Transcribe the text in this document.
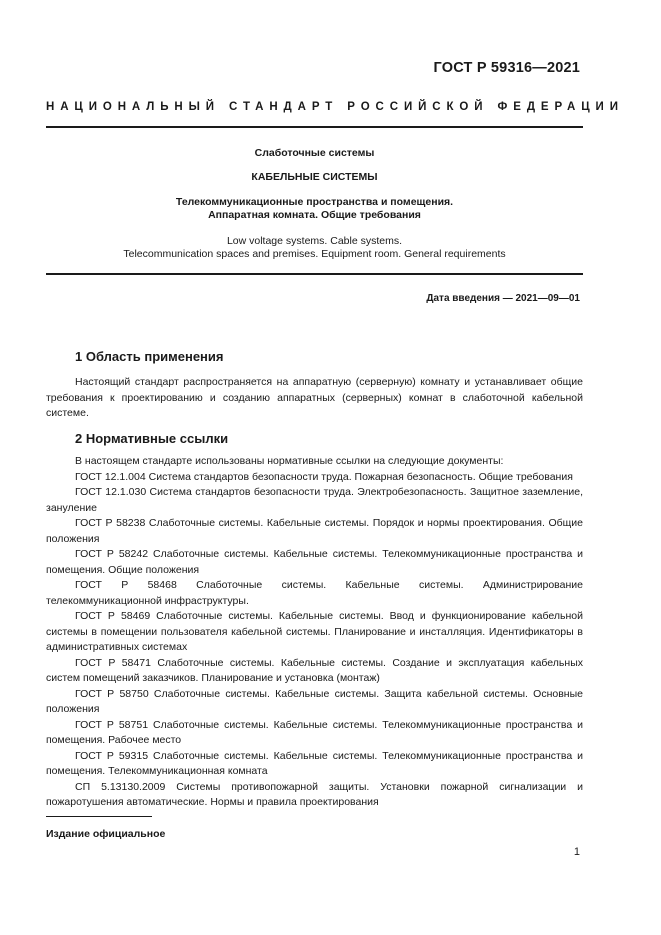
ГОСТ Р 59316—2021
НАЦИОНАЛЬНЫЙ СТАНДАРТ РОССИЙСКОЙ ФЕДЕРАЦИИ
Слаботочные системы
КАБЕЛЬНЫЕ СИСТЕМЫ
Телекоммуникационные пространства и помещения.
Аппаратная комната. Общие требования
Low voltage systems. Cable systems.
Telecommunication spaces and premises. Equipment room. General requirements
Дата введения — 2021—09—01
1 Область применения

Настоящий стандарт распространяется на аппаратную (серверную) комнату и устанавливает общие требования к проектированию и созданию аппаратных (серверных) комнат в слаботочной кабельной системе.

2 Нормативные ссылки

В настоящем стандарте использованы нормативные ссылки на следующие документы:

ГОСТ 12.1.004 Система стандартов безопасности труда. Пожарная безопасность. Общие требования

ГОСТ 12.1.030 Система стандартов безопасности труда. Электробезопасность. Защитное заземление, зануление

ГОСТ Р 58238 Слаботочные системы. Кабельные системы. Порядок и нормы проектирования. Общие положения

ГОСТ Р 58242 Слаботочные системы. Кабельные системы. Телекоммуникационные пространства и помещения. Общие положения

ГОСТ Р 58468 Слаботочные системы. Кабельные системы. Администрирование телекоммуникационной инфраструктуры.

ГОСТ Р 58469 Слаботочные системы. Кабельные системы. Ввод и функционирование кабельной системы в помещении пользователя кабельной системы. Планирование и инсталляция. Идентификаторы в административных системах

ГОСТ Р 58471 Слаботочные системы. Кабельные системы. Создание и эксплуатация кабельных систем помещений заказчиков. Планирование и установка (монтаж)

ГОСТ Р 58750 Слаботочные системы. Кабельные системы. Защита кабельной системы. Основные положения

ГОСТ Р 58751 Слаботочные системы. Кабельные системы. Телекоммуникационные пространства и помещения. Рабочее место

ГОСТ Р 59315 Слаботочные системы. Кабельные системы. Телекоммуникационные пространства и помещения. Телекоммуникационная комната

СП 5.13130.2009 Системы противопожарной защиты. Установки пожарной сигнализации и пожаротушения автоматические. Нормы и правила проектирования

Издание официальное
1
